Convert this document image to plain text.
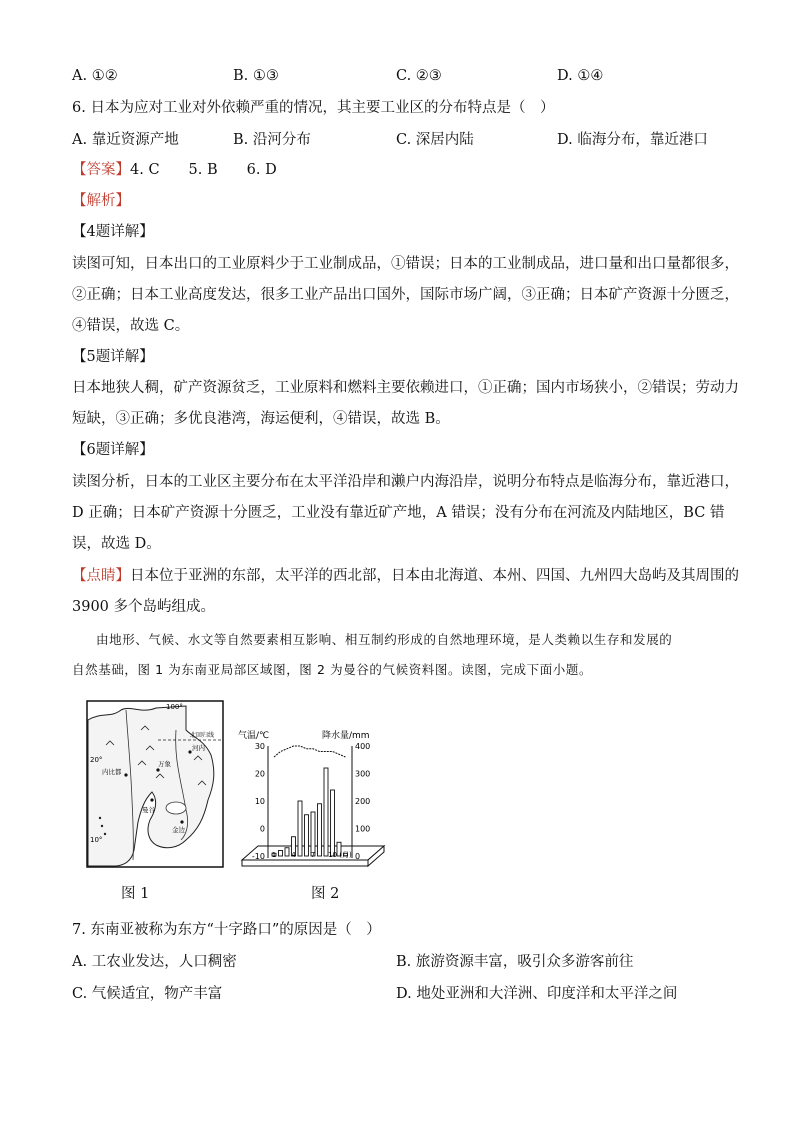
A. ①②	B. ①③	C. ②③	D. ①④
6. 日本为应对工业对外依赖严重的情况，其主要工业区的分布特点是（　）
A. 靠近资源产地	B. 沿河分布	C. 深居内陆	D. 临海分布，靠近港口
【答案】4. C　　5. B　　6. D
【解析】
【4题详解】
读图可知，日本出口的工业原料少于工业制成品，①错误；日本的工业制成品，进口量和出口量都很多，
②正确；日本工业高度发达，很多工业产品出口国外，国际市场广阔，③正确；日本矿产资源十分匮乏，
④错误，故选 C。
【5题详解】
日本地狭人稠，矿产资源贫乏，工业原料和燃料主要依赖进口，①正确；国内市场狭小，②错误；劳动力
短缺，③正确；多优良港湾，海运便利，④错误，故选 B。
【6题详解】
读图分析，日本的工业区主要分布在太平洋沿岸和濑户内海沿岸，说明分布特点是临海分布，靠近港口，
D 正确；日本矿产资源十分匮乏，工业没有靠近矿产地，A 错误；没有分布在河流及内陆地区，BC 错
误，故选 D。
【点睛】日本位于亚洲的东部，太平洋的西北部，日本由北海道、本州、四国、九州四大岛屿及其周围的
3900 多个岛屿组成。
由地形、气候、水文等自然要素相互影响、相互制约形成的自然地理环境，是人类赖以生存和发展的
自然基础，图 1 为东南亚局部区域图，图 2 为曼谷的气候资料图。读图，完成下面小题。
100°
北回归线
20°
内比都
万象
河内
曼谷
金边
10°
图 1
气温/℃	降水量/mm
30
20
10
0
-10
400
300
200
100
0
1 4 7 10 (月)
图 2
7. 东南亚被称为东方“十字路口”的原因是（　）
A. 工农业发达，人口稠密	B. 旅游资源丰富，吸引众多游客前往
C. 气候适宜，物产丰富	D. 地处亚洲和大洋洲、印度洋和太平洋之间
